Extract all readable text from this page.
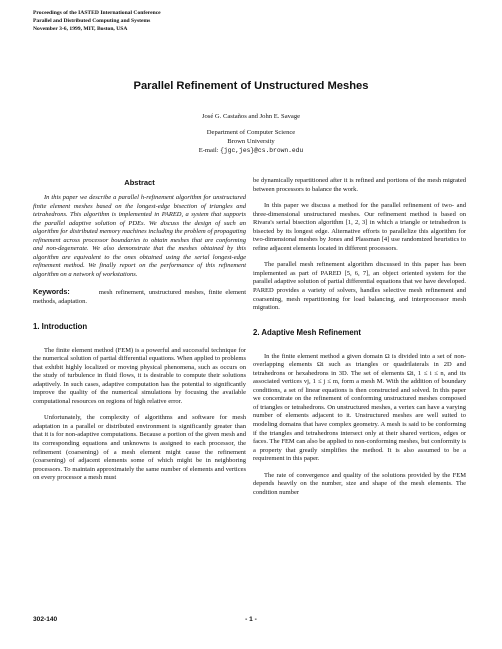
Proceedings of the IASTED International Conference
Parallel and Distributed Computing and Systems
November 3-6, 1999, MIT, Boston, USA
Parallel Refinement of Unstructured Meshes
José G. Castaños and John E. Savage
Department of Computer Science
Brown University
E-mail: {jgc,jes}@cs.brown.edu
Abstract

In this paper we describe a parallel h-refinement algorithm for unstructured finite element meshes based on the longest-edge bisection of triangles and tetrahedrons. This algorithm is implemented in PARED, a system that supports the parallel adaptive solution of PDEs. We discuss the design of such an algorithm for distributed memory machines including the problem of propagating refinement across processor boundaries to obtain meshes that are conforming and non-degenerate. We also demonstrate that the meshes obtained by this algorithm are equivalent to the ones obtained using the serial longest-edge refinement method. We finally report on the performance of this refinement algorithm on a network of workstations.

Keywords:	mesh refinement, unstructured meshes, finite element methods, adaptation.
1. Introduction

The finite element method (FEM) is a powerful and successful technique for the numerical solution of partial differential equations. When applied to problems that exhibit highly localized or moving physical phenomena, such as occurs on the study of turbulence in fluid flows, it is desirable to compute their solutions adaptively. In such cases, adaptive computation has the potential to significantly improve the quality of the numerical simulations by focusing the available computational resources on regions of high relative error.

Unfortunately, the complexity of algorithms and software for mesh adaptation in a parallel or distributed environment is significantly greater than that it is for non-adaptive computations. Because a portion of the given mesh and its corresponding equations and unknowns is assigned to each processor, the refinement (coarsening) of a mesh element might cause the refinement (coarsening) of adjacent elements some of which might be in neighboring processors. To maintain approximately the same number of elements and vertices on every processor a mesh must

be dynamically repartitioned after it is refined and portions of the mesh migrated between processors to balance the work.

In this paper we discuss a method for the parallel refinement of two- and three-dimensional unstructured meshes. Our refinement method is based on Rivara's serial bisection algorithm [1, 2, 3] in which a triangle or tetrahedron is bisected by its longest edge. Alternative efforts to parallelize this algorithm for two-dimensional meshes by Jones and Plassman [4] use randomized heuristics to refine adjacent elements located in different processors.

The parallel mesh refinement algorithm discussed in this paper has been implemented as part of PARED [5, 6, 7], an object oriented system for the parallel adaptive solution of partial differential equations that we have developed. PARED provides a variety of solvers, handles selective mesh refinement and coarsening, mesh repartitioning for load balancing, and interprocessor mesh migration.

2. Adaptive Mesh Refinement

In the finite element method a given domain Ω is divided into a set of non-overlapping elements Ωi such as triangles or quadrilaterals in 2D and tetrahedrons or hexahedrons in 3D. The set of elements Ωi, 1 ≤ i ≤ n, and its associated vertices vj, 1 ≤ j ≤ m, form a mesh M. With the addition of boundary conditions, a set of linear equations is then constructed and solved. In this paper we concentrate on the refinement of conforming unstructured meshes composed of triangles or tetrahedrons. On unstructured meshes, a vertex can have a varying number of elements adjacent to it. Unstructured meshes are well suited to modeling domains that have complex geometry. A mesh is said to be conforming if the triangles and tetrahedrons intersect only at their shared vertices, edges or faces. The FEM can also be applied to non-conforming meshes, but conformity is a property that greatly simplifies the method. It is also assumed to be a requirement in this paper.

The rate of convergence and quality of the solutions provided by the FEM depends heavily on the number, size and shape of the mesh elements. The condition number

302-140	- 1 -
